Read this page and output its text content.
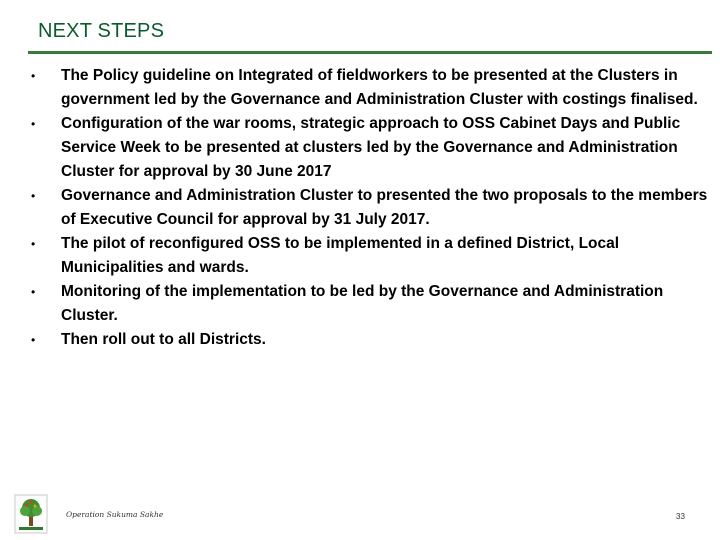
NEXT STEPS
• The Policy guideline on Integrated of fieldworkers to be presented at the Clusters in government led by the Governance and Administration Cluster with costings finalised.
• Configuration of the war rooms, strategic approach to OSS Cabinet Days and Public Service Week to be presented at clusters led by the Governance and Administration Cluster for approval by 30 June 2017
• Governance and Administration Cluster to presented the two proposals to the members of Executive Council for approval by 31 July 2017.
• The pilot of reconfigured OSS to be implemented in a defined District, Local Municipalities and wards.
• Monitoring of the implementation to be led by the Governance and Administration Cluster.
• Then roll out to all Districts.
Operation Sukuma Sakhe	33
